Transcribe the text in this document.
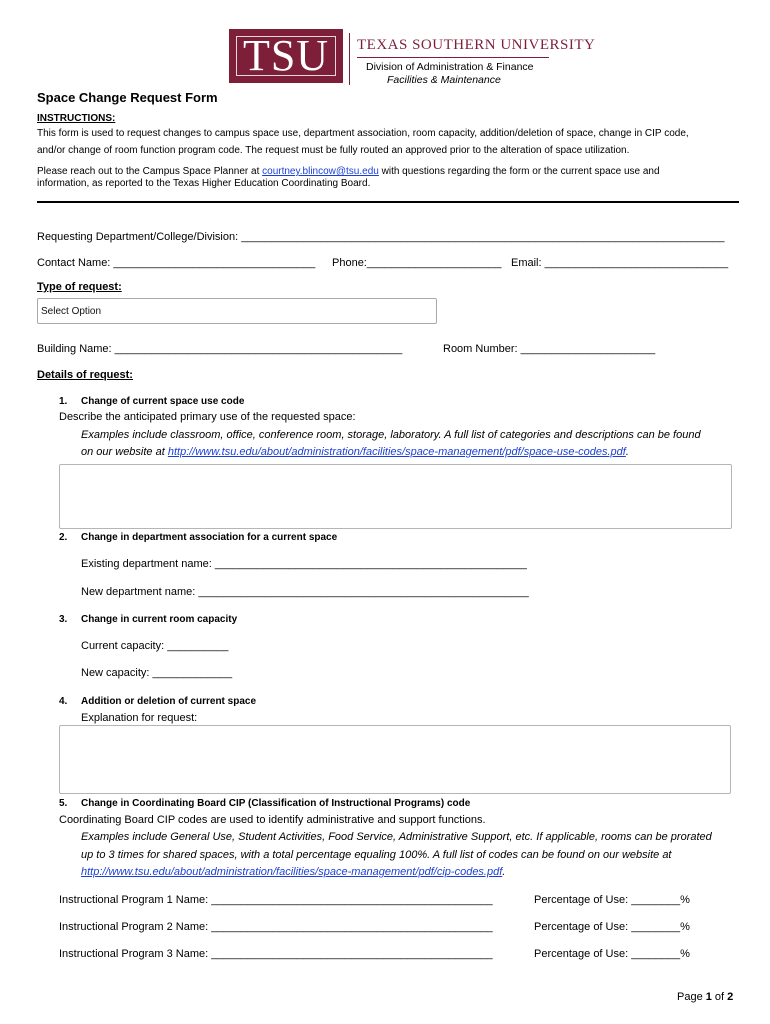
TSU TEXAS SOUTHERN UNIVERSITY
Division of Administration & Finance
Facilities & Maintenance
Space Change Request Form
INSTRUCTIONS:
This form is used to request changes to campus space use, department association, room capacity, addition/deletion of space, change in CIP code,
and/or change of room function program code. The request must be fully routed an approved prior to the alteration of space utilization.
Please reach out to the Campus Space Planner at courtney.blincow@tsu.edu with questions regarding the form or the current space use and
information, as reported to the Texas Higher Education Coordinating Board.
Requesting Department/College/Division: _______________________________________________________________________________
Contact Name: _________________________________ Phone:______________________ Email: ______________________________
Type of request:
Select Option
Building Name: _______________________________________________	Room Number: ______________________
Details of request:
1. Change of current space use code
Describe the anticipated primary use of the requested space:
Examples include classroom, office, conference room, storage, laboratory. A full list of categories and descriptions can be found
on our website at http://www.tsu.edu/about/administration/facilities/space-management/pdf/space-use-codes.pdf.
2. Change in department association for a current space
Existing department name: ___________________________________________________
New department name: ______________________________________________________
3. Change in current room capacity
Current capacity: __________
New capacity: _____________
4. Addition or deletion of current space
Explanation for request:
5. Change in Coordinating Board CIP (Classification of Instructional Programs) code
Coordinating Board CIP codes are used to identify administrative and support functions.
Examples include General Use, Student Activities, Food Service, Administrative Support, etc. If applicable, rooms can be prorated
up to 3 times for shared spaces, with a total percentage equaling 100%. A full list of codes can be found on our website at
http://www.tsu.edu/about/administration/facilities/space-management/pdf/cip-codes.pdf.
Instructional Program 1 Name: ______________________________________________	Percentage of Use: ________%
Instructional Program 2 Name: ______________________________________________	Percentage of Use: ________%
Instructional Program 3 Name: ______________________________________________	Percentage of Use: ________%
Page 1 of 2
